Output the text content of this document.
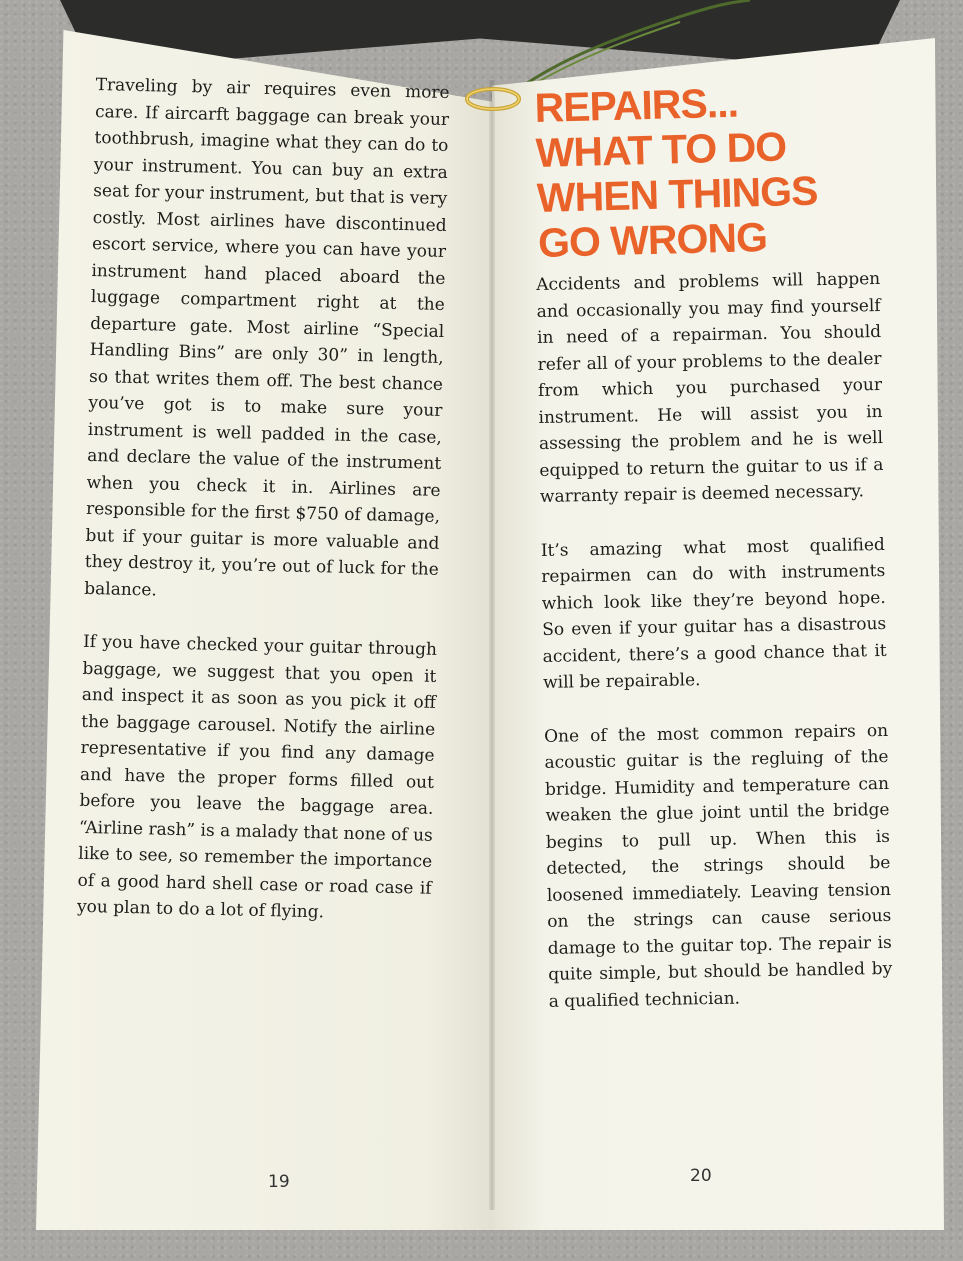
Traveling by air requires even more care. If aircarft baggage can break your toothbrush, imagine what they can do to your instrument. You can buy an extra seat for your instrument, but that is very costly. Most airlines have discontinued escort service, where you can have your instrument hand placed aboard the luggage compartment right at the departure gate. Most airline “Special Handling Bins” are only 30” in length, so that writes them off. The best chance you’ve got is to make sure your instrument is well padded in the case, and declare the value of the instrument when you check it in. Airlines are responsible for the first $750 of damage, but if your guitar is more valuable and they destroy it, you’re out of luck for the balance.

If you have checked your guitar through baggage, we suggest that you open it and inspect it as soon as you pick it off the baggage carousel. Notify the airline representative if you find any damage and have the proper forms filled out before you leave the baggage area. “Airline rash” is a malady that none of us like to see, so remember the importance of a good hard shell case or road case if you plan to do a lot of flying.

REPAIRS...
WHAT TO DO
WHEN THINGS
GO WRONG

Accidents and problems will happen and occasionally you may find yourself in need of a repairman. You should refer all of your problems to the dealer from which you purchased your instrument. He will assist you in assessing the problem and he is well equipped to return the guitar to us if a warranty repair is deemed necessary.

It’s amazing what most qualified repairmen can do with instruments which look like they’re beyond hope. So even if your guitar has a disastrous accident, there’s a good chance that it will be repairable.

One of the most common repairs on acoustic guitar is the regluing of the bridge. Humidity and temperature can weaken the glue joint until the bridge begins to pull up. When this is detected, the strings should be loosened immediately. Leaving tension on the strings can cause serious damage to the guitar top. The repair is quite simple, but should be handled by a qualified technician.

19	20
